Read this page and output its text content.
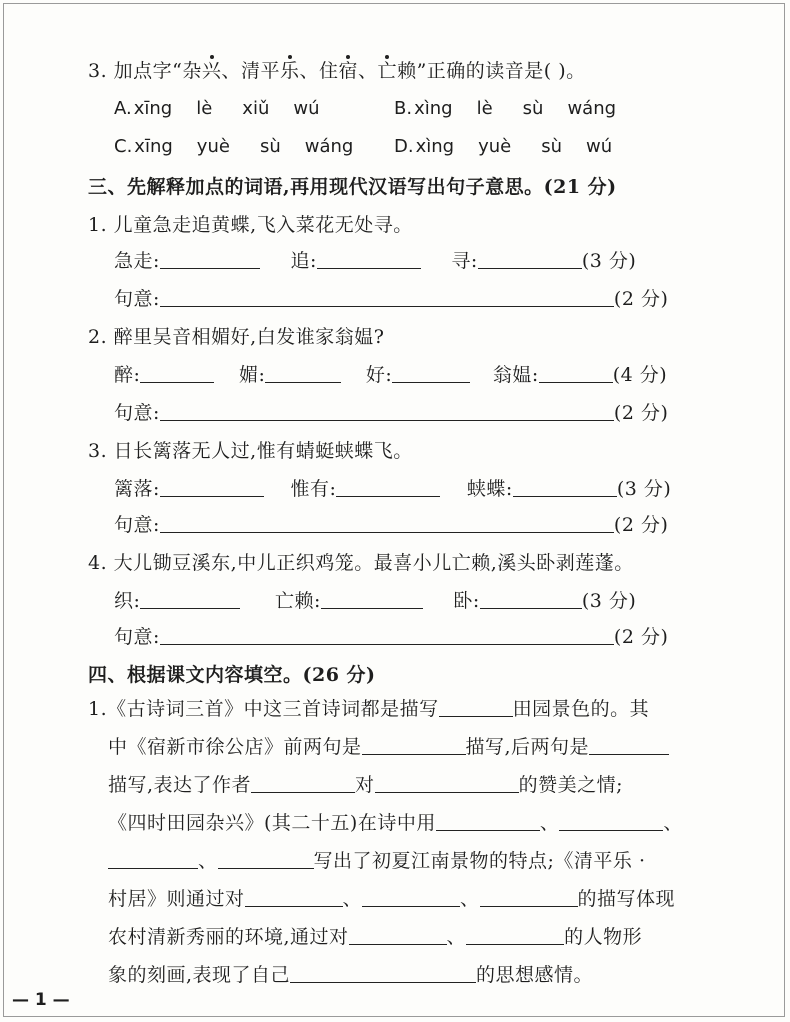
3. 加点字“杂兴、清平乐、住宿、亡赖”正确的读音是( )。
A. xīng lè xiǔ wú	B. xìng lè sù wáng
C. xīng yuè sù wáng D. xìng yuè sù wú
三、先解释加点的词语,再用现代汉语写出句子意思。(21 分)
1. 儿童急走追黄蝶,飞入菜花无处寻。
急走:	追:	寻:	(3 分)
句意:	(2 分)
2. 醉里吴音相媚好,白发谁家翁媪?
醉:	媚:	好:	翁媪:	(4 分)
句意:	(2 分)
3. 日长篱落无人过,惟有蜻蜓蛱蝶飞。
篱落:	惟有:	蛱蝶:	(3 分)
句意:	(2 分)
4. 大儿锄豆溪东,中儿正织鸡笼。最喜小儿亡赖,溪头卧剥莲蓬。
织:	亡赖:	卧:	(3 分)
句意:	(2 分)
四、根据课文内容填空。(26 分)
1.《古诗词三首》中这三首诗词都是描写	田园景色的。其
中《宿新市徐公店》前两句是	描写,后两句是
描写,表达了作者	对	的赞美之情;
《四时田园杂兴》(其二十五)在诗中用	、	、
、	写出了初夏江南景物的特点;《清平乐 ·
村居》则通过对	、	、	的描写体现
农村清新秀丽的环境,通过对	、	的人物形
象的刻画,表现了自己	的思想感情。
— 1 —
